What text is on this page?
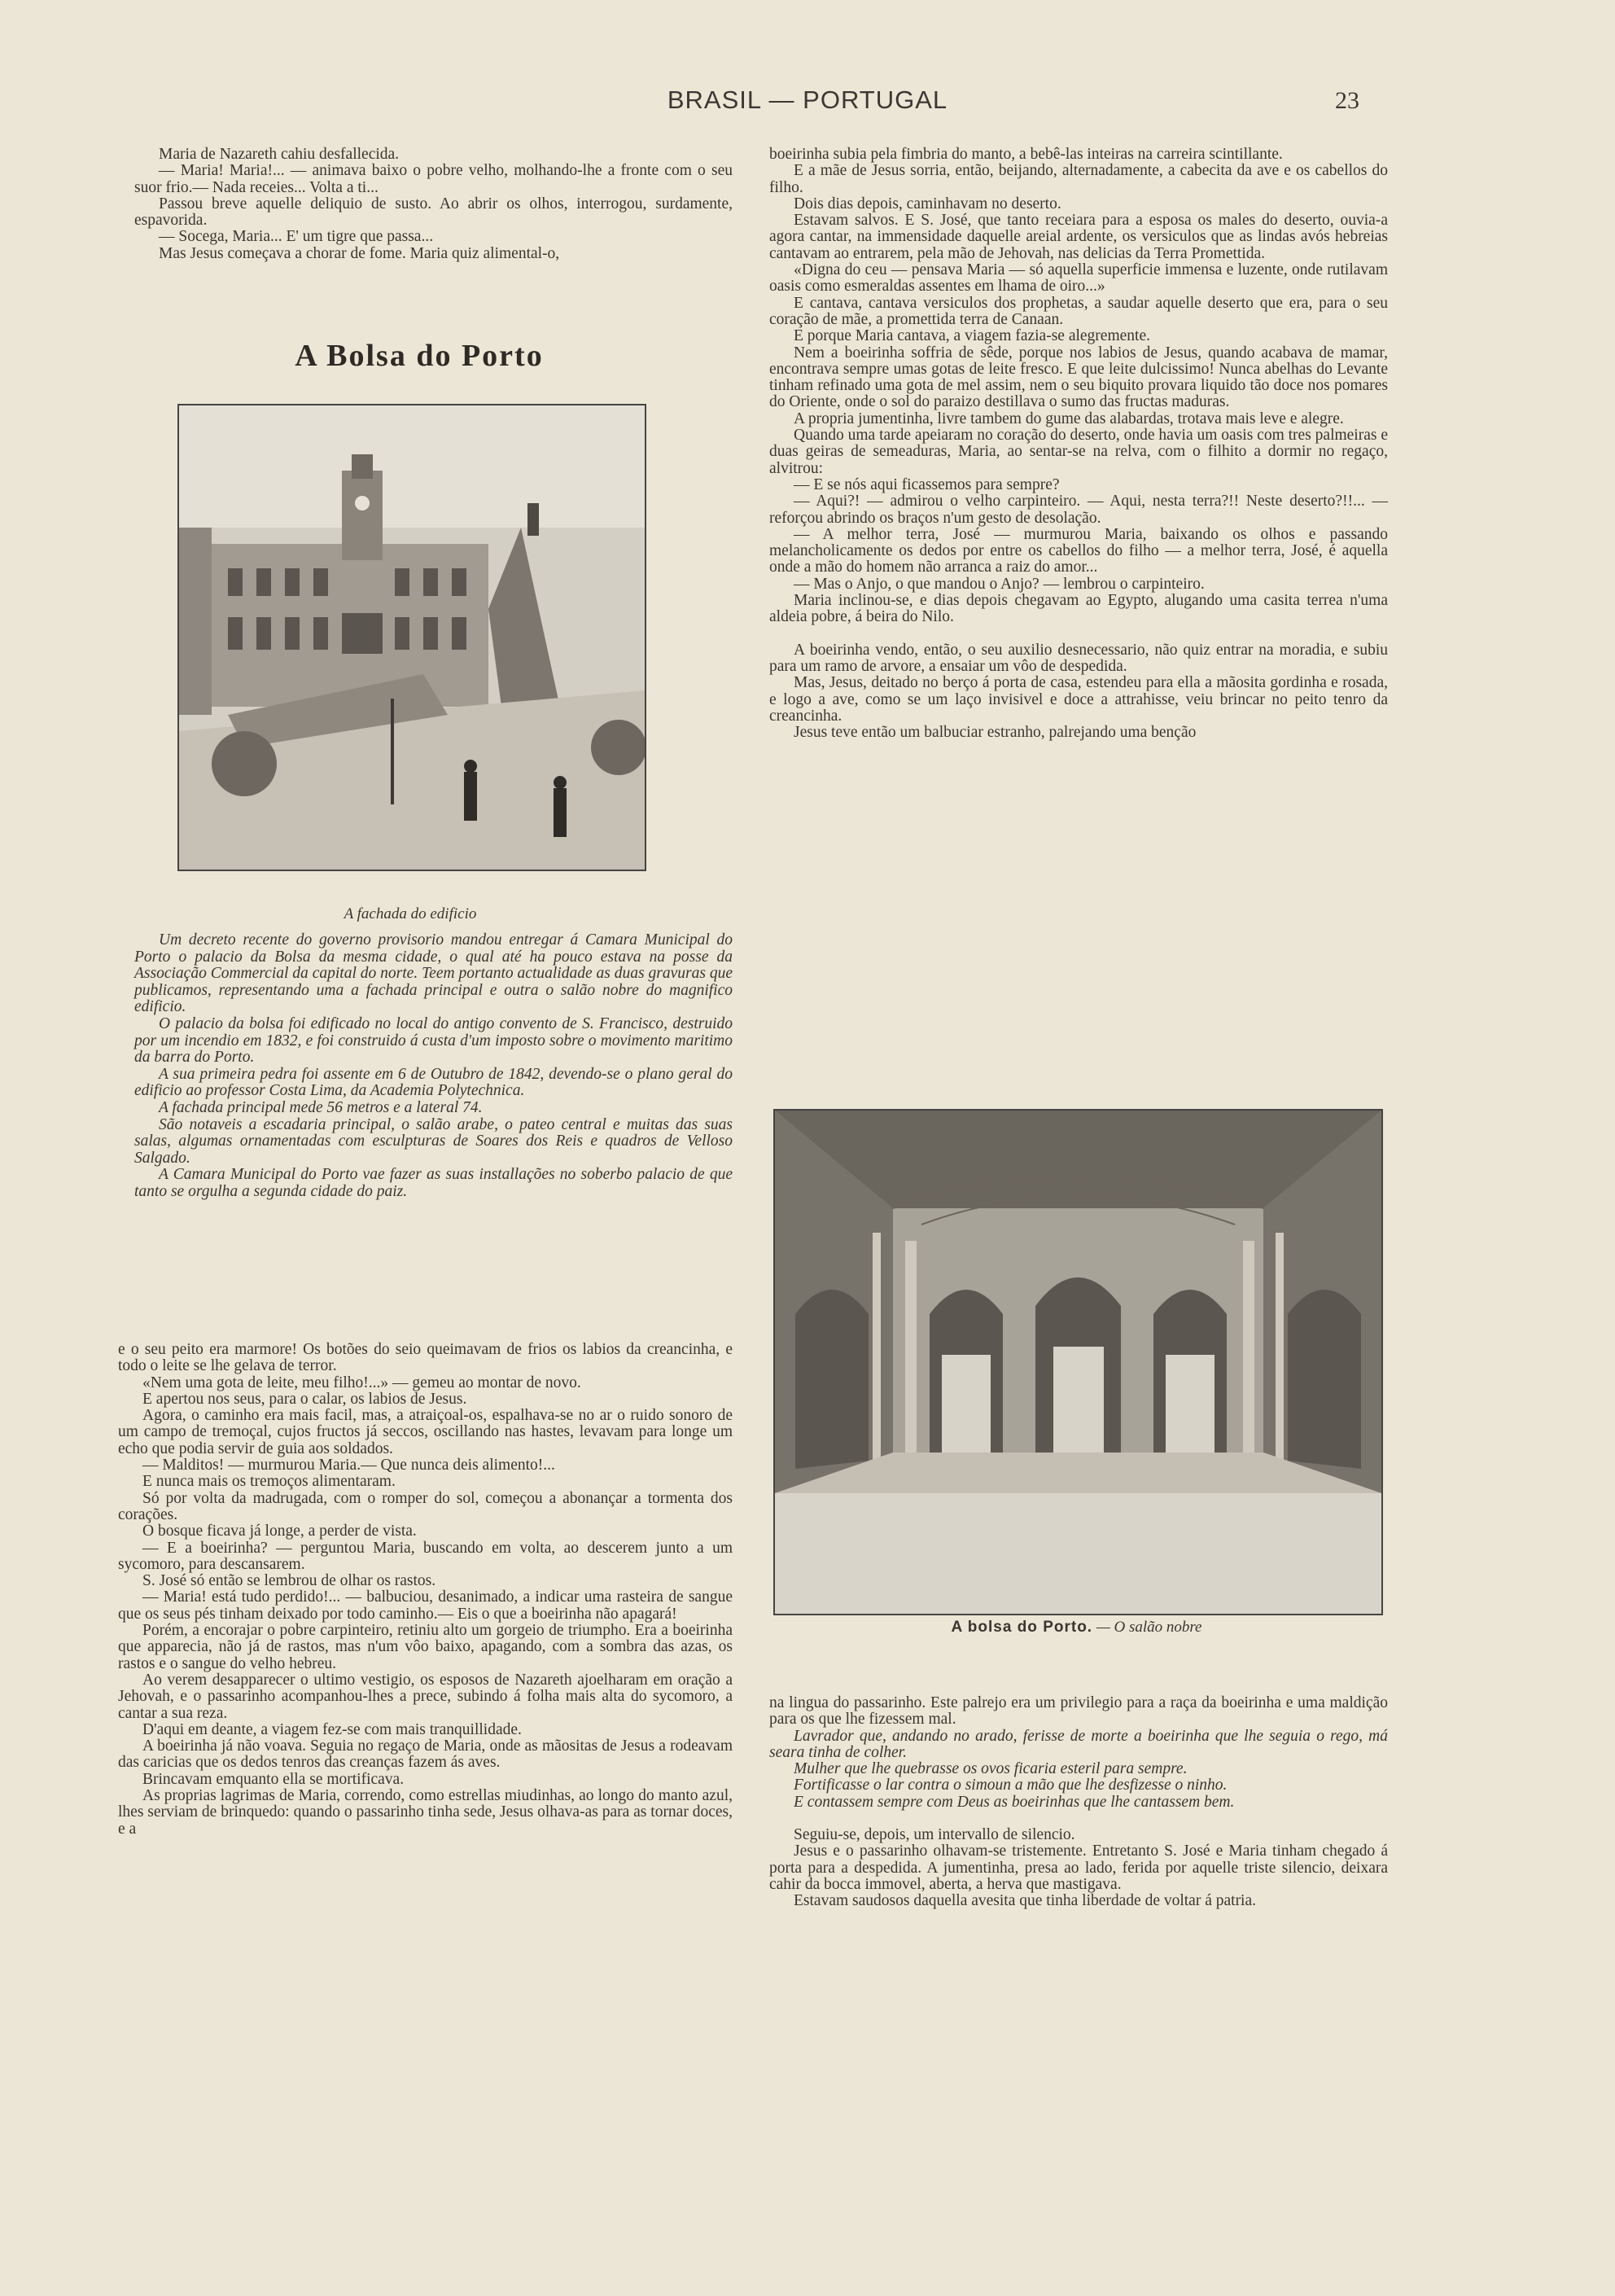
BRASIL — PORTUGAL	23

Maria de Nazareth cahiu desfallecida.

— Maria! Maria!... — animava baixo o pobre velho, molhando-lhe a fronte com o seu suor frio.— Nada receies... Volta a ti...

Passou breve aquelle deliquio de susto. Ao abrir os olhos, interrogou, surdamente, espavorida.

— Socega, Maria... E' um tigre que passa...

Mas Jesus começava a chorar de fome. Maria quiz alimental-o,

A Bolsa do Porto
A fachada do edificio

Um decreto recente do governo provisorio mandou entregar á Camara Municipal do Porto o palacio da Bolsa da mesma cidade, o qual até ha pouco estava na posse da Associação Commercial da capital do norte. Teem portanto actualidade as duas gravuras que publicamos, representando uma a fachada principal e outra o salão nobre do magnifico edificio.

O palacio da bolsa foi edificado no local do antigo convento de S. Francisco, destruido por um incendio em 1832, e foi construido á custa d'um imposto sobre o movimento maritimo da barra do Porto.

A sua primeira pedra foi assente em 6 de Outubro de 1842, devendo-se o plano geral do edificio ao professor Costa Lima, da Academia Polytechnica.

A fachada principal mede 56 metros e a lateral 74.

São notaveis a escadaria principal, o salão arabe, o pateo central e muitas das suas salas, algumas ornamentadas com esculpturas de Soares dos Reis e quadros de Velloso Salgado.

A Camara Municipal do Porto vae fazer as suas installações no soberbo palacio de que tanto se orgulha a segunda cidade do paiz.

e o seu peito era marmore! Os botões do seio queimavam de frios os labios da creancinha, e todo o leite se lhe gelava de terror.

«Nem uma gota de leite, meu filho!...» — gemeu ao montar de novo.

E apertou nos seus, para o calar, os labios de Jesus.

Agora, o caminho era mais facil, mas, a atraiçoal-os, espalhava-se no ar o ruido sonoro de um campo de tremoçal, cujos fructos já seccos, oscillando nas hastes, levavam para longe um echo que podia servir de guia aos soldados.

— Malditos! — murmurou Maria.— Que nunca deis alimento!...

E nunca mais os tremoços alimentaram.

Só por volta da madrugada, com o romper do sol, começou a abonançar a tormenta dos corações.

O bosque ficava já longe, a perder de vista.

— E a boeirinha? — perguntou Maria, buscando em volta, ao descerem junto a um sycomoro, para descansarem.

S. José só então se lembrou de olhar os rastos.

— Maria! está tudo perdido!... — balbuciou, desanimado, a indicar uma rasteira de sangue que os seus pés tinham deixado por todo caminho.— Eis o que a boeirinha não apagará!

Porém, a encorajar o pobre carpinteiro, retiniu alto um gorgeio de triumpho. Era a boeirinha que apparecia, não já de rastos, mas n'um vôo baixo, apagando, com a sombra das azas, os rastos e o sangue do velho hebreu.

Ao verem desapparecer o ultimo vestigio, os esposos de Nazareth ajoelharam em oração a Jehovah, e o passarinho acompanhou-lhes a prece, subindo á folha mais alta do sycomoro, a cantar a sua reza.

D'aqui em deante, a viagem fez-se com mais tranquillidade.

A boeirinha já não voava. Seguia no regaço de Maria, onde as mãositas de Jesus a rodeavam das caricias que os dedos tenros das creanças fazem ás aves.

Brincavam emquanto ella se mortificava.

As proprias lagrimas de Maria, correndo, como estrellas miudinhas, ao longo do manto azul, lhes serviam de brinquedo: quando o passarinho tinha sede, Jesus olhava-as para as tornar doces, e a

boeirinha subia pela fimbria do manto, a bebê-las inteiras na carreira scintillante.

E a mãe de Jesus sorria, então, beijando, alternadamente, a cabecita da ave e os cabellos do filho.

Dois dias depois, caminhavam no deserto.

Estavam salvos. E S. José, que tanto receiara para a esposa os males do deserto, ouvia-a agora cantar, na immensidade daquelle areial ardente, os versiculos que as lindas avós hebreias cantavam ao entrarem, pela mão de Jehovah, nas delicias da Terra Promettida.

«Digna do ceu — pensava Maria — só aquella superficie immensa e luzente, onde rutilavam oasis como esmeraldas assentes em lhama de oiro...»

E cantava, cantava versiculos dos prophetas, a saudar aquelle deserto que era, para o seu coração de mãe, a promettida terra de Canaan.

E porque Maria cantava, a viagem fazia-se alegremente.

Nem a boeirinha soffria de sêde, porque nos labios de Jesus, quando acabava de mamar, encontrava sempre umas gotas de leite fresco. E que leite dulcissimo! Nunca abelhas do Levante tinham refinado uma gota de mel assim, nem o seu biquito provara liquido tão doce nos pomares do Oriente, onde o sol do paraizo destillava o sumo das fructas maduras.

A propria jumentinha, livre tambem do gume das alabardas, trotava mais leve e alegre.

Quando uma tarde apeiaram no coração do deserto, onde havia um oasis com tres palmeiras e duas geiras de semeaduras, Maria, ao sentar-se na relva, com o filhito a dormir no regaço, alvitrou:

— E se nós aqui ficassemos para sempre?

— Aqui?! — admirou o velho carpinteiro. — Aqui, nesta terra?!! Neste deserto?!!... — reforçou abrindo os braços n'um gesto de desolação.

— A melhor terra, José — murmurou Maria, baixando os olhos e passando melancholicamente os dedos por entre os cabellos do filho — a melhor terra, José, é aquella onde a mão do homem não arranca a raiz do amor...

— Mas o Anjo, o que mandou o Anjo? — lembrou o carpinteiro.

Maria inclinou-se, e dias depois chegavam ao Egypto, alugando uma casita terrea n'uma aldeia pobre, á beira do Nilo.

A boeirinha vendo, então, o seu auxilio desnecessario, não quiz entrar na moradia, e subiu para um ramo de arvore, a ensaiar um vôo de despedida.

Mas, Jesus, deitado no berço á porta de casa, estendeu para ella a mãosita gordinha e rosada, e logo a ave, como se um laço invisivel e doce a attrahisse, veiu brincar no peito tenro da creancinha.

Jesus teve então um balbuciar estranho, palrejando uma benção

A bolsa do Porto. — O salão nobre

na lingua do passarinho. Este palrejo era um privilegio para a raça da boeirinha e uma maldição para os que lhe fizessem mal.

Lavrador que, andando no arado, ferisse de morte a boeirinha que lhe seguia o rego, má seara tinha de colher.

Mulher que lhe quebrasse os ovos ficaria esteril para sempre.

Fortificasse o lar contra o simoun a mão que lhe desfizesse o ninho.

E contassem sempre com Deus as boeirinhas que lhe cantassem bem.

Seguiu-se, depois, um intervallo de silencio.

Jesus e o passarinho olhavam-se tristemente. Entretanto S. José e Maria tinham chegado á porta para a despedida. A jumentinha, presa ao lado, ferida por aquelle triste silencio, deixara cahir da bocca immovel, aberta, a herva que mastigava.

Estavam saudosos daquella avesita que tinha liberdade de voltar á patria.
